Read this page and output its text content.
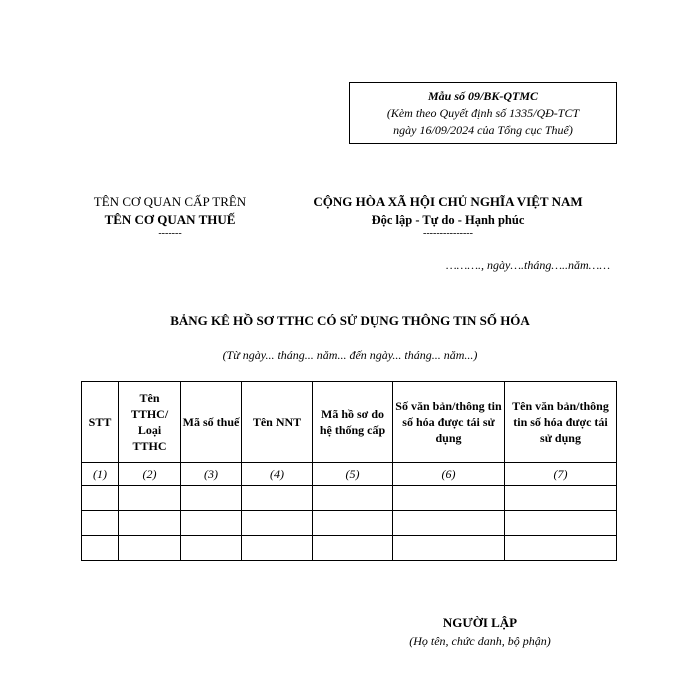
Mẫu số 09/BK-QTMC
(Kèm theo Quyết định số 1335/QĐ-TCT
ngày 16/09/2024 của Tổng cục Thuế)
TÊN CƠ QUAN CẤP TRÊN
TÊN CƠ QUAN THUẾ
-------
CỘNG HÒA XÃ HỘI CHỦ NGHĨA VIỆT NAM
Độc lập - Tự do - Hạnh phúc
---------------
………., ngày….tháng…..năm……
BẢNG KÊ HỒ SƠ TTHC CÓ SỬ DỤNG THÔNG TIN SỐ HÓA
(Từ ngày... tháng... năm... đến ngày... tháng... năm...)
STT	Tên TTHC/ Loại TTHC	Mã số thuế	Tên NNT	Mã hồ sơ do hệ thống cấp	Số văn bản/thông tin số hóa được tái sử dụng	Tên văn bản/thông tin số hóa được tái sử dụng
(1)	(2)	(3)	(4)	(5)	(6)	(7)

NGƯỜI LẬP
(Họ tên, chức danh, bộ phận)
